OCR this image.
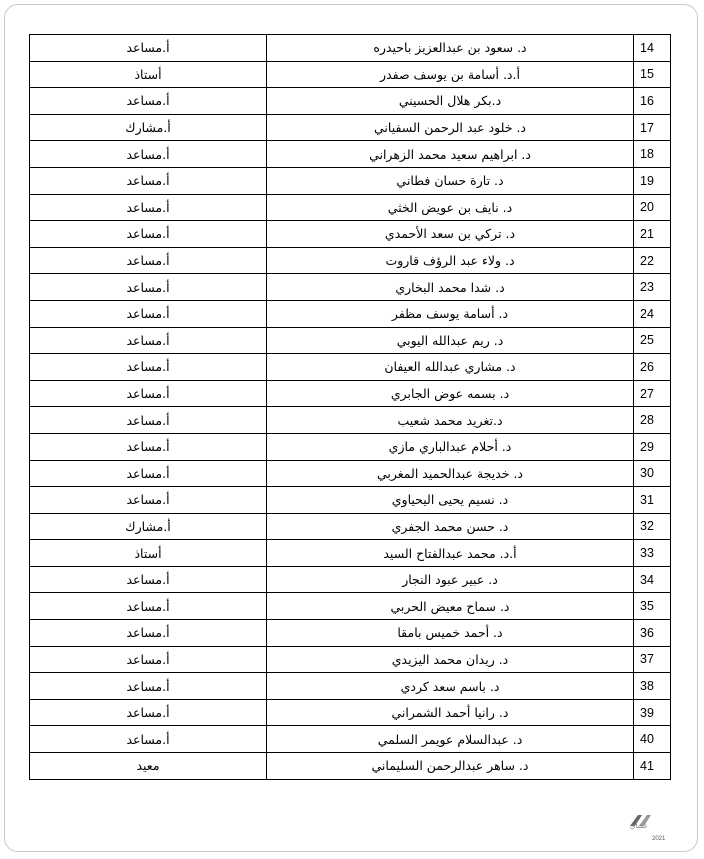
14	د. سعود بن عبدالعزيز باحيدره	أ.مساعد
15	أ.د. أسامة بن يوسف صفدر	أستاذ
16	د.بكر هلال الحسيني	أ.مساعد
17	د. خلود عبد الرحمن السفياني	أ.مشارك
18	د. ابراهيم سعيد محمد الزهراني	أ.مساعد
19	د. تارة حسان فطاني	أ.مساعد
20	د. نايف بن عويض الخثي	أ.مساعد
21	د. تركي بن سعد الأحمدي	أ.مساعد
22	د. ولاء عبد الرؤف قاروت	أ.مساعد
23	د. شدا محمد البخاري	أ.مساعد
24	د. أسامة يوسف مظفر	أ.مساعد
25	د. ريم عبدالله اليوبي	أ.مساعد
26	د. مشاري عبدالله العيفان	أ.مساعد
27	د. بسمه عوض الجابري	أ.مساعد
28	د.تغريد محمد شعيب	أ.مساعد
29	د. أحلام عبدالباري مازي	أ.مساعد
30	د. خديجة عبدالحميد المغربي	أ.مساعد
31	د. نسيم يحيى اليحياوي	أ.مساعد
32	د. حسن محمد الجفري	أ.مشارك
33	أ.د. محمد عبدالفتاح السيد	أستاذ
34	د. عبير عبود النجار	أ.مساعد
35	د. سماح معيض الحربي	أ.مساعد
36	د. أحمد خميس بامقا	أ.مساعد
37	د. ريدان محمد اليزيدي	أ.مساعد
38	د. باسم سعد كردي	أ.مساعد
39	د. رانيا أحمد الشمراني	أ.مساعد
40	د. عبدالسلام عويمر السلمي	أ.مساعد
41	د. ساهر عبدالرحمن السليماني	معيد
عشاي
2021
